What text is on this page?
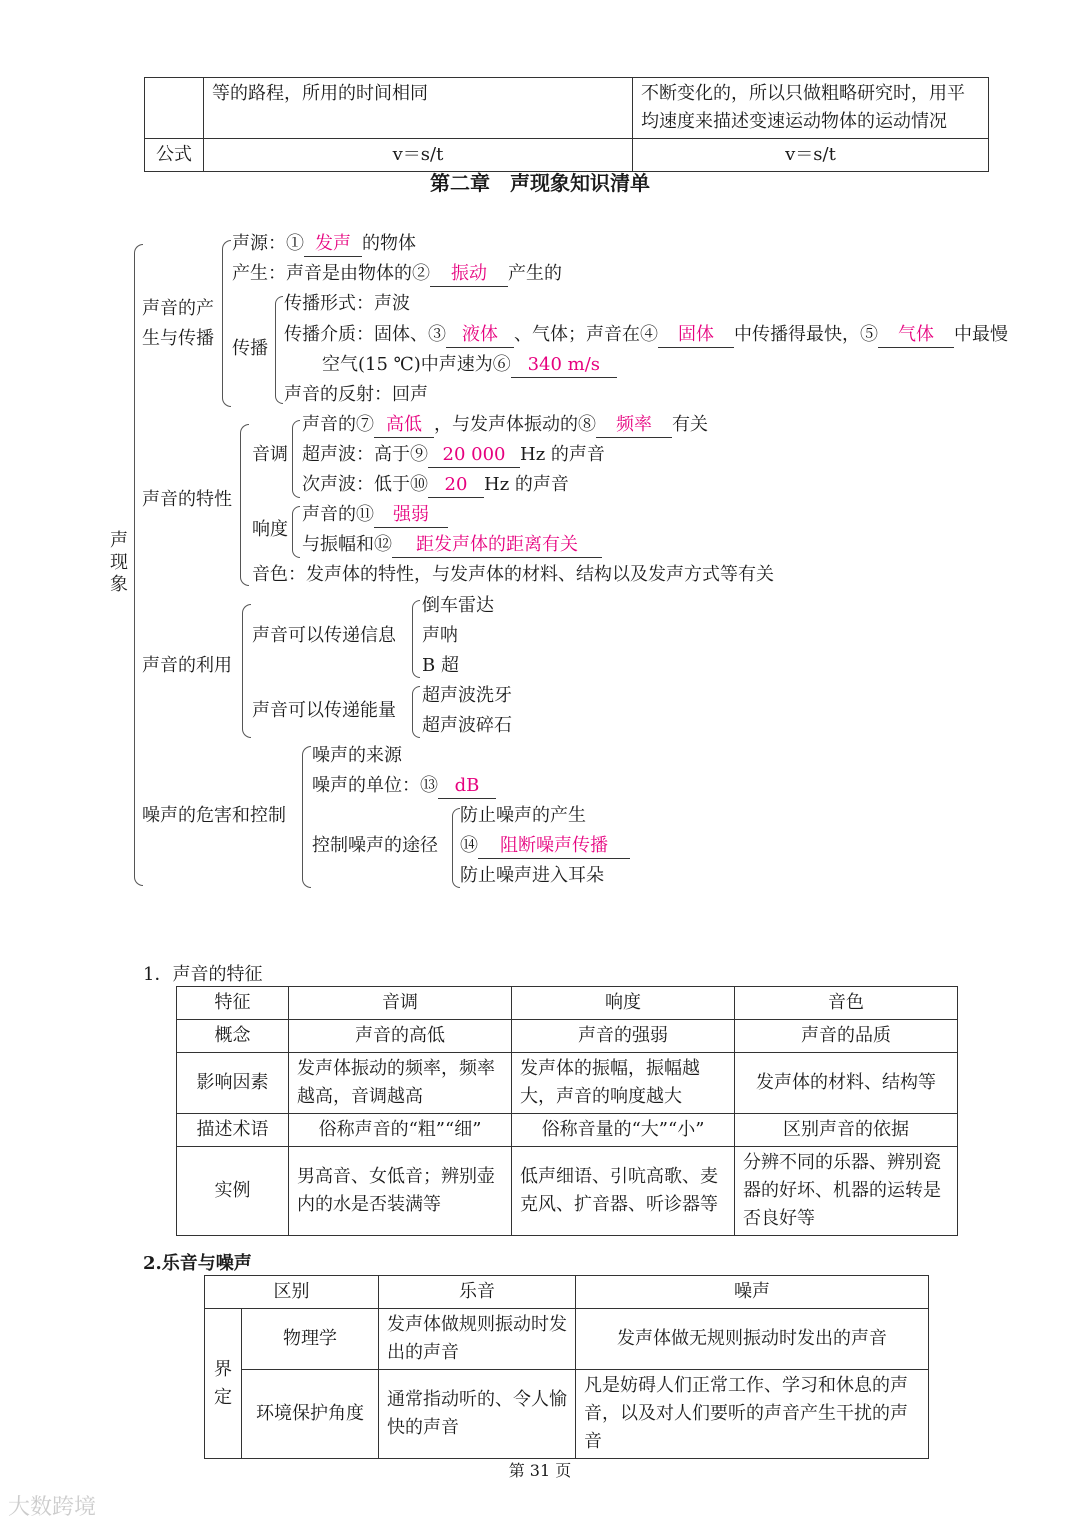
	等的路程，所用的时间相同	不断变化的，所以只做粗略研究时，用平均速度来描述变速运动物体的运动情况
公式	v＝s/t	v＝s/t
第二章　声现象知识清单
声现象
声音的产生与传播
声源：① 发声 的物体
产生：声音是由物体的② 振动 产生的
传播
传播形式：声波
传播介质：固体、③ 液体 、气体；声音在④ 固体 中传播得最快，⑤ 气体 中最慢
空气(15 ℃)中声速为⑥ 340 m/s
声音的反射：回声
声音的特性
音调
声音的⑦ 高低 ，与发声体振动的⑧ 频率 有关
超声波：高于⑨ 20 000 Hz 的声音
次声波：低于⑩ 20 Hz 的声音
响度
声音的⑪ 强弱
与振幅和⑫ 距发声体的距离有关
音色：发声体的特性，与发声体的材料、结构以及发声方式等有关
声音的利用
声音可以传递信息
倒车雷达
声呐
B 超
声音可以传递能量
超声波洗牙
超声波碎石
噪声的危害和控制
噪声的来源
噪声的单位：⑬ dB
控制噪声的途径
防止噪声的产生
⑭ 阻断噪声传播
防止噪声进入耳朵
1．声音的特征
特征	音调	响度	音色
概念	声音的高低	声音的强弱	声音的品质
影响因素	发声体振动的频率，频率越高，音调越高	发声体的振幅，振幅越大，声音的响度越大	发声体的材料、结构等
描述术语	俗称声音的“粗”“细”	俗称音量的“大”“小”	区别声音的依据
实例	男高音、女低音；辨别壶内的水是否装满等	低声细语、引吭高歌、麦克风、扩音器、听诊器等	分辨不同的乐器、辨别瓷器的好坏、机器的运转是否良好等
2.乐音与噪声
区别		乐音	噪声
界定	物理学	发声体做规则振动时发出的声音	发声体做无规则振动时发出的声音
	环境保护角度	通常指动听的、令人愉快的声音	凡是妨碍人们正常工作、学习和休息的声音，以及对人们要听的声音产生干扰的声音
第 31 页
大数跨境
